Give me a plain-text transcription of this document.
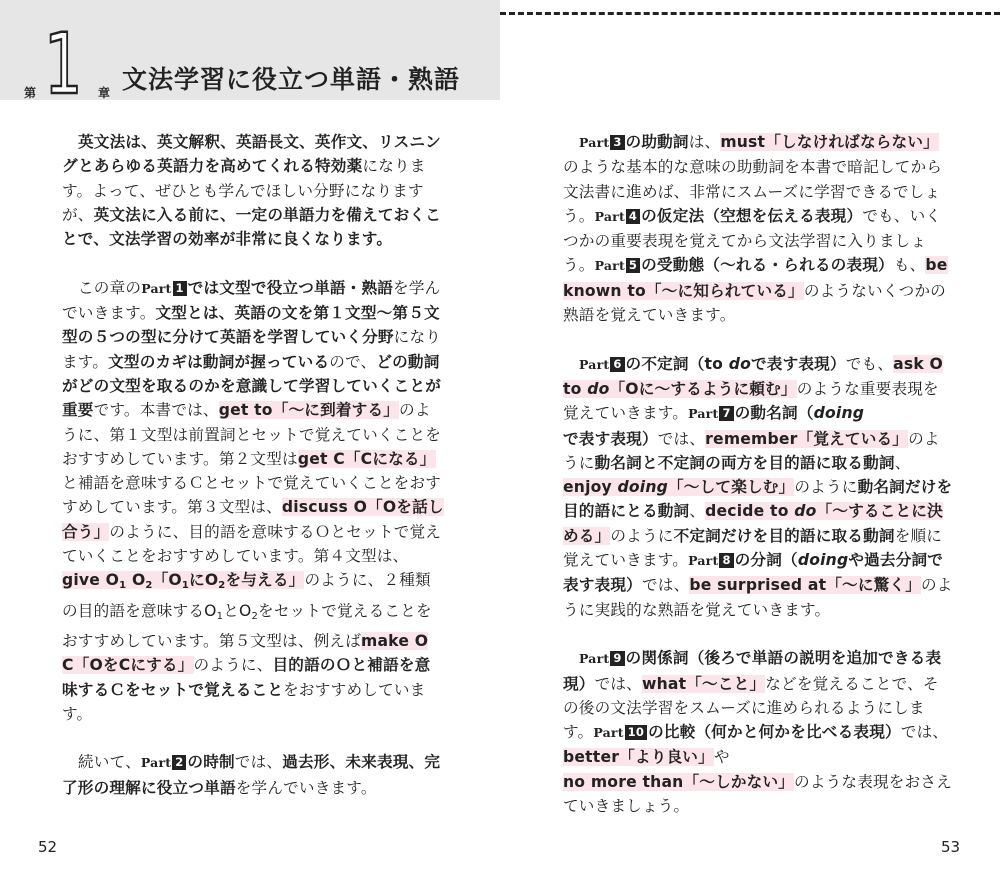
第 1 章 文法学習に役立つ単語・熟語

英文法は、英文解釈、英語長文、英作文、リスニングとあらゆる英語力を高めてくれる特効薬になります。よって、ぜひとも学んでほしい分野になりますが、英文法に入る前に、一定の単語力を備えておくことで、文法学習の効率が非常に良くなります。

この章のPart 1 では文型で役立つ単語・熟語を学んでいきます。文型とは、英語の文を第１文型～第５文型の５つの型に分けて英語を学習していく分野になります。文型のカギは動詞が握っているので、どの動詞がどの文型を取るのかを意識して学習していくことが重要です。本書では、get to「～に到着する」のように、第１文型は前置詞とセットで覚えていくことをおすすめしています。第２文型はget C「Cになる」と補語を意味するＣとセットで覚えていくことをおすすめしています。第３文型は、discuss O「Oを話し合う」のように、目的語を意味するＯとセットで覚えていくことをおすすめしています。第４文型は、give $O_1$ $O_2$「$O_1$に$O_2$を与える」のように、２種類の目的語を意味する$O_1$と$O_2$をセットで覚えることをおすすめしています。第５文型は、例えばmake O C「OをCにする」のように、目的語のＯと補語を意味するＣをセットで覚えることをおすすめしています。

続いて、Part 2 の時制では、過去形、未来表現、完了形の理解に役立つ単語を学んでいきます。

Part 3 の助動詞は、must「しなければならない」のような基本的な意味の助動詞を本書で暗記してから文法書に進めば、非常にスムーズに学習できるでしょう。Part 4 の仮定法（空想を伝える表現）でも、いくつかの重要表現を覚えてから文法学習に入りましょう。Part 5 の受動態（～れる・られるの表現）も、be known to「～に知られている」のようないくつかの熟語を覚えていきます。

Part 6 の不定詞（to doで表す表現）でも、ask O to do「Oに～するように頼む」のような重要表現を覚えていきます。Part 7 の動名詞（doingで表す表現）では、remember「覚えている」のように動名詞と不定詞の両方を目的語に取る動詞、enjoy doing「～して楽しむ」のように動名詞だけを目的語にとる動詞、decide to do「～することに決める」のように不定詞だけを目的語に取る動詞を順に覚えていきます。Part 8 の分詞（doingや過去分詞で表す表現）では、be surprised at「～に驚く」のように実践的な熟語を覚えていきます。

Part 9 の関係詞（後ろで単語の説明を追加できる表現）では、what「～こと」などを覚えることで、その後の文法学習をスムーズに進められるようにします。Part 10 の比較（何かと何かを比べる表現）では、better「より良い」やno more than「～しかない」のような表現をおさえていきましょう。

52	53
